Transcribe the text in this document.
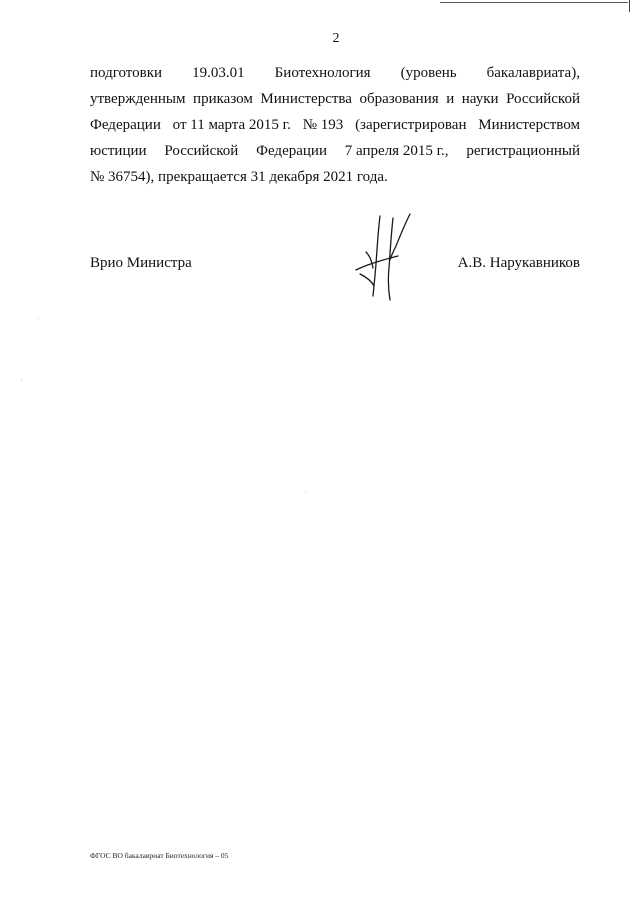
2
подготовки 19.03.01 Биотехнология (уровень бакалавриата),
утвержденным приказом Министерства образования и науки Российской
Федерации от 11 марта 2015 г. № 193 (зарегистрирован Министерством
юстиции Российской Федерации 7 апреля 2015 г., регистрационный
№ 36754), прекращается 31 декабря 2021 года.
Врио Министра	А.В. Нарукавников
ФГОС ВО бакалавриат Биотехнология – 05
